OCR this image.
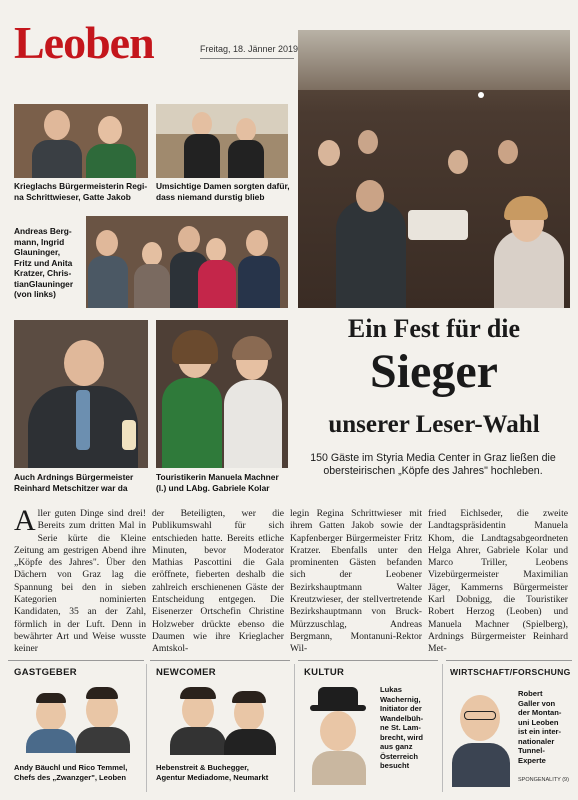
Leoben	Freitag, 18. Jänner 2019
Krieglachs Bürgermeisterin Regi-
na Schrittwieser, Gatte Jakob
Umsichtige Damen sorgten dafür,
dass niemand durstig blieb
Andreas Berg-
mann, Ingrid
Glauninger,
Fritz und Anita
Kratzer, Chris-
tianGlauninger
(von links)
Auch Ardnings Bürgermeister
Reinhard Metschitzer war da
Touristikerin Manuela Machner
(l.) und LAbg. Gabriele Kolar
Ein Fest für die
Sieger
unserer Leser-Wahl
150 Gäste im Styria Media Center in Graz ließen die obersteirischen „Köpfe des Jahres" hochleben.
Aller guten Dinge sind drei! Bereits zum dritten Mal in Serie kürte die Kleine Zeitung am gestrigen Abend ihre „Köpfe des Jahres". Über den Dächern von Graz lag die Spannung bei den in sieben Kategorien nominierten Kandidaten, 35 an der Zahl, förmlich in der Luft. Denn in bewährter Art und Weise wusste keiner
der Beteiligten, wer die Publikumswahl für sich entschieden hatte. Bereits etliche Minuten, bevor Moderator Mathias Pascottini die Gala eröffnete, fieberten deshalb die zahlreich erschienenen Gäste der Entscheidung entgegen. Die Eisenerzer Ortschefin Christine Holzweber drückte ebenso die Daumen wie ihre Krieglacher Amtskol-
legin Regina Schrittwieser mit ihrem Gatten Jakob sowie der Kapfenberger Bürgermeister Fritz Kratzer. Ebenfalls unter den prominenten Gästen befanden sich der Leobener Bezirkshauptmann Walter Kreutzwieser, der stellvertretende Bezirkshauptmann von Bruck-Mürzzuschlag, Andreas Bergmann, Montanuni-Rektor Wil-
fried Eichlseder, die zweite Landtagspräsidentin Manuela Khom, die Landtagsabgeordneten Helga Ahrer, Gabriele Kolar und Marco Triller, Leobens Vizebürgermeister Maximilian Jäger, Kammerns Bürgermeister Karl Dobnigg, die Touristiker Robert Herzog (Leoben) und Manuela Machner (Spielberg), Ardnings Bürgermeister Reinhard Met-
GASTGEBER
Andy Bäuchl und Rico Temmel,
Chefs des „Zwanzger", Leoben
NEWCOMER
Hebenstreit & Buchegger,
Agentur Mediadome, Neumarkt
KULTUR
Lukas
Wachernig,
Initiator der
Wandelbüh-
ne St. Lam-
brecht, wird
aus ganz
Österreich
besucht
WIRTSCHAFT/FORSCHUNG
Robert
Galler von
der Montan-
uni Leoben
ist ein inter-
nationaler
Tunnel-
Experte
SPONGENALITY (9)
